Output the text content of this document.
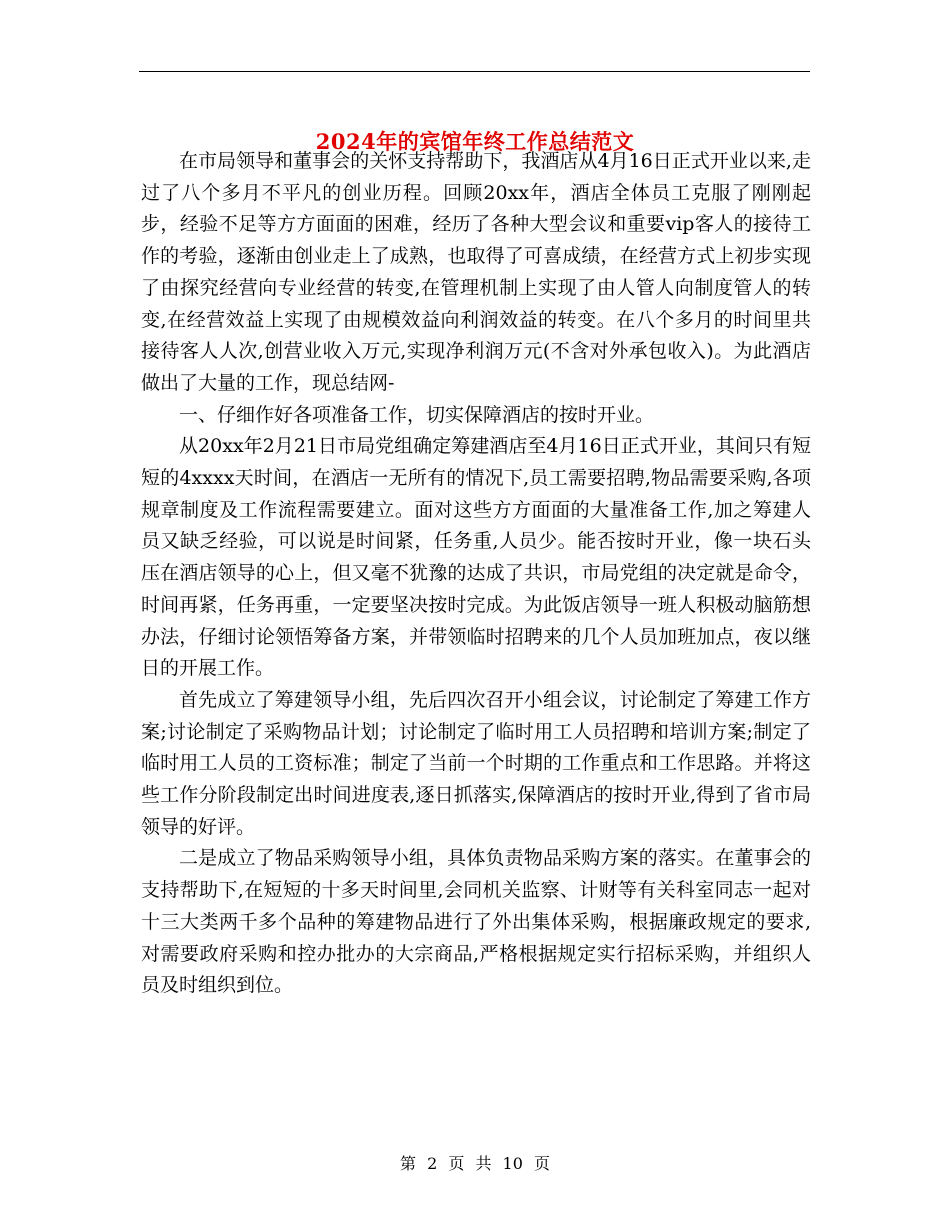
2024年的宾馆年终工作总结范文

在市局领导和董事会的关怀支持帮助下，我酒店从4月16日正式开业以来,走过了八个多月不平凡的创业历程。回顾20xx年，酒店全体员工克服了刚刚起步，经验不足等方方面面的困难，经历了各种大型会议和重要vip客人的接待工作的考验，逐渐由创业走上了成熟，也取得了可喜成绩，在经营方式上初步实现了由探究经营向专业经营的转变,在管理机制上实现了由人管人向制度管人的转变,在经营效益上实现了由规模效益向利润效益的转变。在八个多月的时间里共接待客人人次,创营业收入万元,实现净利润万元(不含对外承包收入)。为此酒店做出了大量的工作，现总结网-

一、仔细作好各项准备工作，切实保障酒店的按时开业。

从20xx年2月21日市局党组确定筹建酒店至4月16日正式开业，其间只有短短的4xxxx天时间，在酒店一无所有的情况下,员工需要招聘,物品需要采购,各项规章制度及工作流程需要建立。面对这些方方面面的大量准备工作,加之筹建人员又缺乏经验，可以说是时间紧，任务重,人员少。能否按时开业，像一块石头压在酒店领导的心上，但又毫不犹豫的达成了共识，市局党组的决定就是命令，时间再紧，任务再重，一定要坚决按时完成。为此饭店领导一班人积极动脑筋想办法，仔细讨论领悟筹备方案，并带领临时招聘来的几个人员加班加点，夜以继日的开展工作。

首先成立了筹建领导小组，先后四次召开小组会议，讨论制定了筹建工作方案;讨论制定了采购物品计划；讨论制定了临时用工人员招聘和培训方案;制定了临时用工人员的工资标准；制定了当前一个时期的工作重点和工作思路。并将这些工作分阶段制定出时间进度表,逐日抓落实,保障酒店的按时开业,得到了省市局领导的好评。

二是成立了物品采购领导小组，具体负责物品采购方案的落实。在董事会的支持帮助下,在短短的十多天时间里,会同机关监察、计财等有关科室同志一起对十三大类两千多个品种的筹建物品进行了外出集体采购，根据廉政规定的要求,对需要政府采购和控办批办的大宗商品,严格根据规定实行招标采购，并组织人员及时组织到位。

第 2 页 共 10 页
